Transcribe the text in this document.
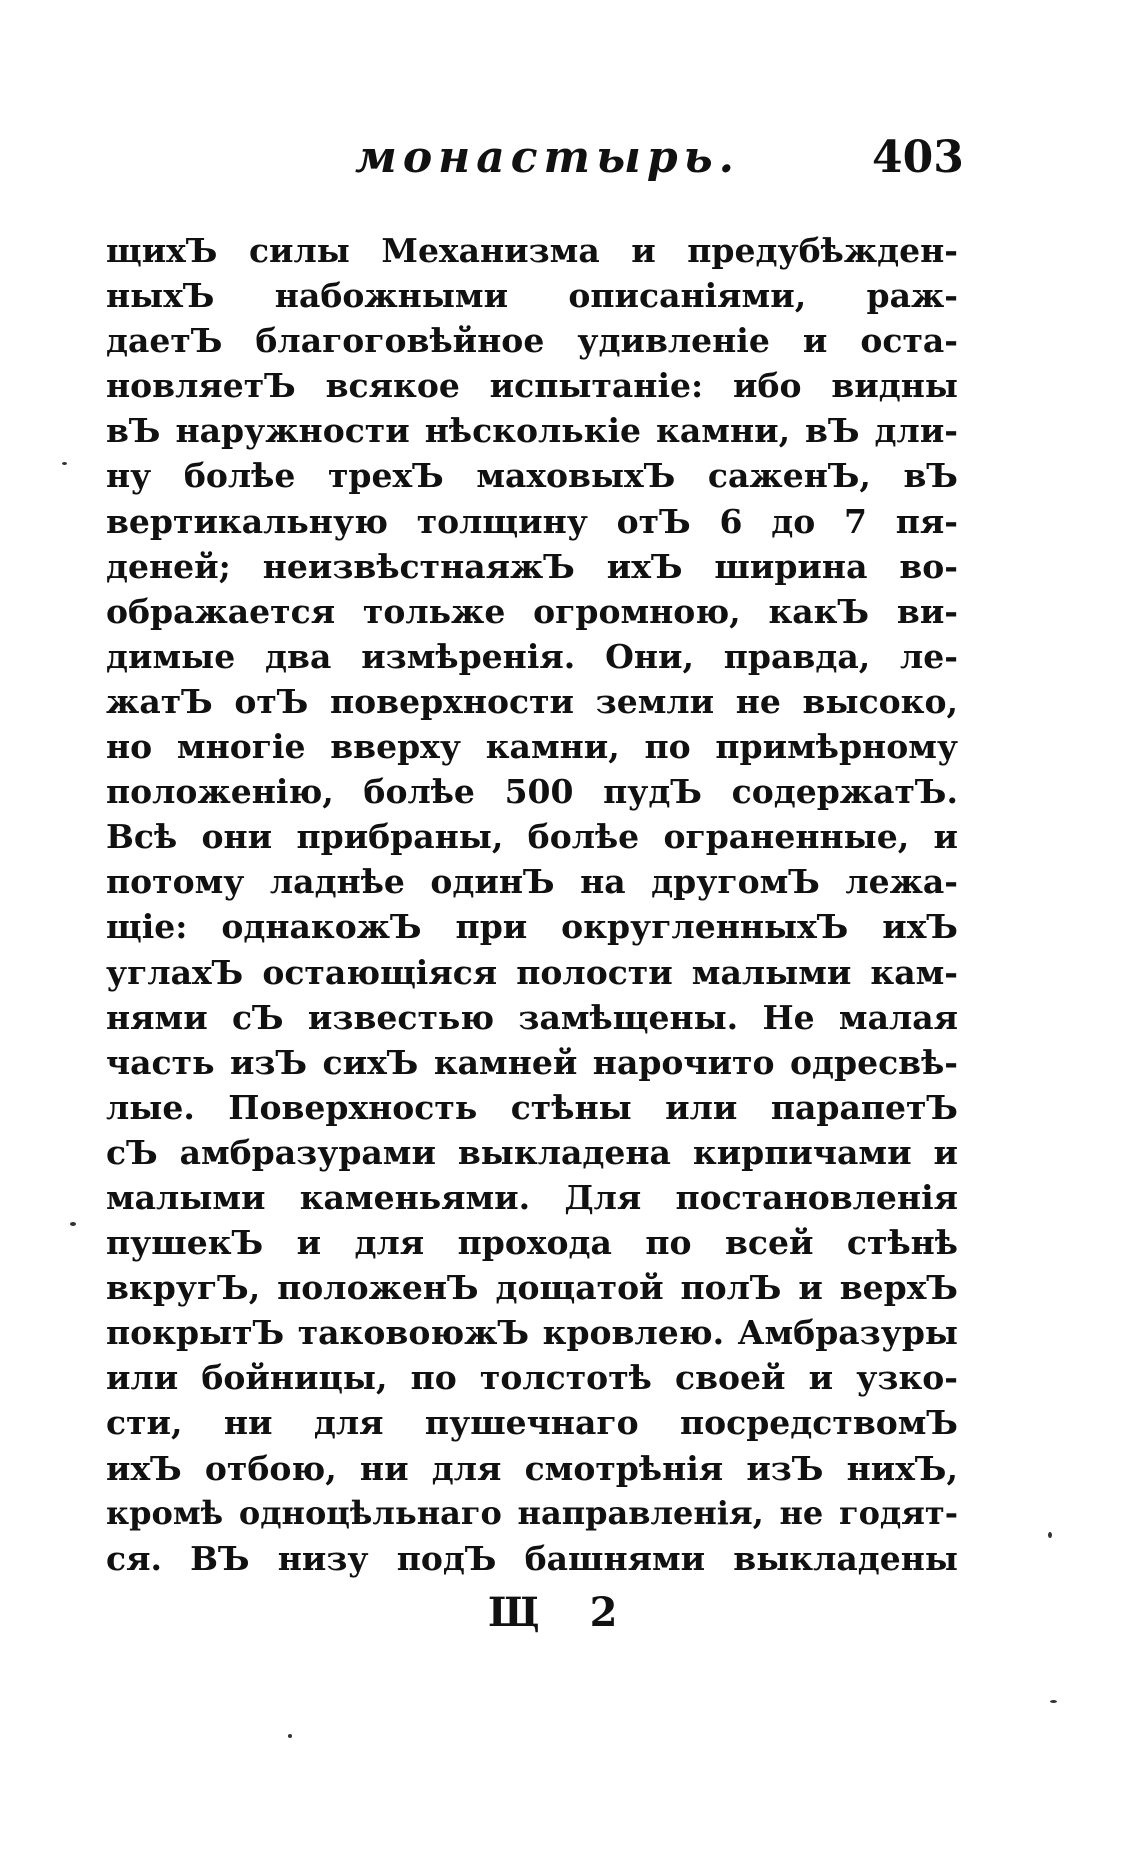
монастырь.	403
щихЪ силы Механизма и предубѣжден-
ныхЪ набожными описанiями, раж-
даетЪ благоговѣйное удивленiе и оста-
новляетЪ всякое испытанiе: ибо видны
вЪ наружности нѣсколькiе камни, вЪ дли-
ну болѣе трехЪ маховыхЪ саженЪ, вЪ
вертикальную толщину отЪ 6 до 7 пя-
деней; неизвѣстнаяжЪ ихЪ ширина во-
ображается тольже огромною, какЪ ви-
димые два измѣренiя. Они, правда, ле-
жатЪ отЪ поверхности земли не высоко,
но многiе вверху камни, по примѣрному
положенiю, болѣе 500 пудЪ содержатЪ.
Всѣ они прибраны, болѣе ограненные, и
потому ладнѣе одинЪ на другомЪ лежа-
щiе: однакожЪ при округленныхЪ ихЪ
углахЪ остающiяся полости малыми кам-
нями сЪ известью замѣщены. Не малая
часть изЪ сихЪ камней нарочито одресвѣ-
лые. Поверхность стѣны или парапетЪ
сЪ амбразурами выкладена кирпичами и
малыми каменьями. Для постановленiя
пушекЪ и для прохода по всей стѣнѣ
вкругЪ, положенЪ дощатой полЪ и верхЪ
покрытЪ таковоюжЪ кровлею. Амбразуры
или бойницы, по толстотѣ своей и узко-
сти, ни для пушечнаго посредствомЪ
ихЪ отбою, ни для смотрѣнiя изЪ нихЪ,
кромѣ одноцѣльнаго направленiя, не годят-
ся. ВЪ низу подЪ башнями выкладены
Щ 2
